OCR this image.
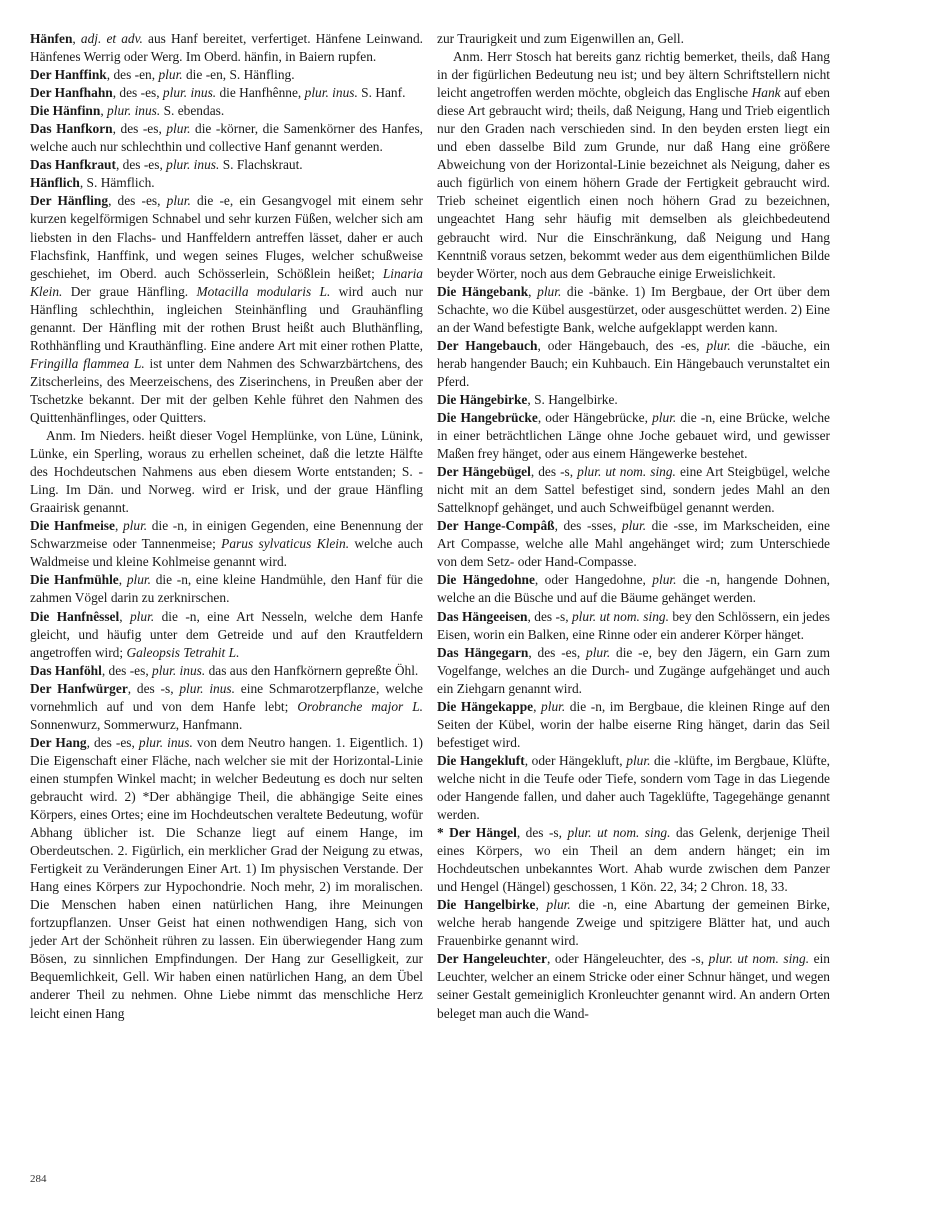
Hänfen, adj. et adv. aus Hanf bereitet, verfertiget. Hänfene Leinwand. Hänfenes Werrig oder Werg. Im Oberd. hänfin, in Baiern rupfen.

Der Hanffink, des -en, plur. die -en, S. Hänfling.

Der Hanfhahn, des -es, plur. inus. die Hanfhênne, plur. inus. S. Hanf.

Die Hänfinn, plur. inus. S. ebendas.

Das Hanfkorn, des -es, plur. die -körner, die Samenkörner des Hanfes, welche auch nur schlechthin und collective Hanf genannt werden.

Das Hanfkraut, des -es, plur. inus. S. Flachskraut.

Hänflich, S. Hämflich.

Der Hänfling, des -es, plur. die -e, ein Gesangvogel mit einem sehr kurzen kegelförmigen Schnabel und sehr kurzen Füßen, welcher sich am liebsten in den Flachs- und Hanffeldern antreffen lässet, daher er auch Flachsfink, Hanffink, und wegen seines Fluges, welcher schußweise geschiehet, im Oberd. auch Schösserlein, Schößlein heißet; Linaria Klein. Der graue Hänfling. Motacilla modularis L. wird auch nur Hänfling schlechthin, ingleichen Steinhänfling und Grauhänfling genannt. Der Hänfling mit der rothen Brust heißt auch Bluthänfling, Rothhänfling und Krauthänfling. Eine andere Art mit einer rothen Platte, Fringilla flammea L. ist unter dem Nahmen des Schwarzbärtchens, des Zitscherleins, des Meerzeischens, des Ziserinchens, in Preußen aber der Tschetzke bekannt. Der mit der gelben Kehle führet den Nahmen des Quittenhänflinges, oder Quitters.

Anm. Im Nieders. heißt dieser Vogel Hemplünke, von Lüne, Lünink, Lünke, ein Sperling, woraus zu erhellen scheinet, daß die letzte Hälfte des Hochdeutschen Nahmens aus eben diesem Worte entstanden; S. -Ling. Im Dän. und Norweg. wird er Irisk, und der graue Hänfling Graairisk genannt.

Die Hanfmeise, plur. die -n, in einigen Gegenden, eine Benennung der Schwarzmeise oder Tannenmeise; Parus sylvaticus Klein. welche auch Waldmeise und kleine Kohlmeise genannt wird.

Die Hanfmühle, plur. die -n, eine kleine Handmühle, den Hanf für die zahmen Vögel darin zu zerknirschen.

Die Hanfnêssel, plur. die -n, eine Art Nesseln, welche dem Hanfe gleicht, und häufig unter dem Getreide und auf den Krautfeldern angetroffen wird; Galeopsis Tetrahit L.

Das Hanföhl, des -es, plur. inus. das aus den Hanfkörnern gepreßte Öhl.

Der Hanfwürger, des -s, plur. inus. eine Schmarotzerpflanze, welche vornehmlich auf und von dem Hanfe lebt; Orobranche major L. Sonnenwurz, Sommerwurz, Hanfmann.

Der Hang, des -es, plur. inus. von dem Neutro hangen. 1. Eigentlich. 1) Die Eigenschaft einer Fläche, nach welcher sie mit der Horizontal-Linie einen stumpfen Winkel macht; in welcher Bedeutung es doch nur selten gebraucht wird. 2) *Der abhängige Theil, die abhängige Seite eines Körpers, eines Ortes; eine im Hochdeutschen veraltete Bedeutung, wofür Abhang üblicher ist. Die Schanze liegt auf einem Hange, im Oberdeutschen. 2. Figürlich, ein merklicher Grad der Neigung zu etwas, Fertigkeit zu Veränderungen Einer Art. 1) Im physischen Verstande. Der Hang eines Körpers zur Hypochondrie. Noch mehr, 2) im moralischen. Die Menschen haben einen natürlichen Hang, ihre Meinungen fortzupflanzen. Unser Geist hat einen nothwendigen Hang, sich von jeder Art der Schönheit rühren zu lassen. Ein überwiegender Hang zum Bösen, zu sinnlichen Empfindungen. Der Hang zur Geselligkeit, zur Bequemlichkeit, Gell. Wir haben einen natürlichen Hang, an dem Übel anderer Theil zu nehmen. Ohne Liebe nimmt das menschliche Herz leicht einen Hang

zur Traurigkeit und zum Eigenwillen an, Gell.

Anm. Herr Stosch hat bereits ganz richtig bemerket, theils, daß Hang in der figürlichen Bedeutung neu ist; und bey ältern Schriftstellern nicht leicht angetroffen werden möchte, obgleich das Englische Hank auf eben diese Art gebraucht wird; theils, daß Neigung, Hang und Trieb eigentlich nur den Graden nach verschieden sind. In den beyden ersten liegt ein und eben dasselbe Bild zum Grunde, nur daß Hang eine größere Abweichung von der Horizontal-Linie bezeichnet als Neigung, daher es auch figürlich von einem höhern Grade der Fertigkeit gebraucht wird. Trieb scheinet eigentlich einen noch höhern Grad zu bezeichnen, ungeachtet Hang sehr häufig mit demselben als gleichbedeutend gebraucht wird. Nur die Einschränkung, daß Neigung und Hang Kenntniß voraus setzen, bekommt weder aus dem eigenthümlichen Bilde beyder Wörter, noch aus dem Gebrauche einige Erweislichkeit.

Die Hängebank, plur. die -bänke. 1) Im Bergbaue, der Ort über dem Schachte, wo die Kübel ausgestürzet, oder ausgeschüttet werden. 2) Eine an der Wand befestigte Bank, welche aufgeklappt werden kann.

Der Hangebauch, oder Hängebauch, des -es, plur. die -bäuche, ein herab hangender Bauch; ein Kuhbauch. Ein Hängebauch verunstaltet ein Pferd.

Die Hängebirke, S. Hangelbirke.

Die Hangebrücke, oder Hängebrücke, plur. die -n, eine Brücke, welche in einer beträchtlichen Länge ohne Joche gebauet wird, und gewisser Maßen frey hänget, oder aus einem Hängewerke bestehet.

Der Hängebügel, des -s, plur. ut nom. sing. eine Art Steigbügel, welche nicht mit an dem Sattel befestiget sind, sondern jedes Mahl an den Sattelknopf gehänget, und auch Schweifbügel genannt werden.

Der Hange-Compâß, des -sses, plur. die -sse, im Markscheiden, eine Art Compasse, welche alle Mahl angehänget wird; zum Unterschiede von dem Setz- oder Hand-Compasse.

Die Hängedohne, oder Hangedohne, plur. die -n, hangende Dohnen, welche an die Büsche und auf die Bäume gehänget werden.

Das Hängeeisen, des -s, plur. ut nom. sing. bey den Schlössern, ein jedes Eisen, worin ein Balken, eine Rinne oder ein anderer Körper hänget.

Das Hängegarn, des -es, plur. die -e, bey den Jägern, ein Garn zum Vogelfange, welches an die Durch- und Zugänge aufgehänget und auch ein Ziehgarn genannt wird.

Die Hängekappe, plur. die -n, im Bergbaue, die kleinen Ringe auf den Seiten der Kübel, worin der halbe eiserne Ring hänget, darin das Seil befestiget wird.

Die Hangekluft, oder Hängekluft, plur. die -klüfte, im Bergbaue, Klüfte, welche nicht in die Teufe oder Tiefe, sondern vom Tage in das Liegende oder Hangende fallen, und daher auch Tageklüfte, Tagegehänge genannt werden.

* Der Hängel, des -s, plur. ut nom. sing. das Gelenk, derjenige Theil eines Körpers, wo ein Theil an dem andern hänget; ein im Hochdeutschen unbekanntes Wort. Ahab wurde zwischen dem Panzer und Hengel (Hängel) geschossen, 1 Kön. 22, 34; 2 Chron. 18, 33.

Die Hangelbirke, plur. die -n, eine Abartung der gemeinen Birke, welche herab hangende Zweige und spitzigere Blätter hat, und auch Frauenbirke genannt wird.

Der Hangeleuchter, oder Hängeleuchter, des -s, plur. ut nom. sing. ein Leuchter, welcher an einem Stricke oder einer Schnur hänget, und wegen seiner Gestalt gemeiniglich Kronleuchter genannt wird. An andern Orten beleget man auch die Wand-

284
